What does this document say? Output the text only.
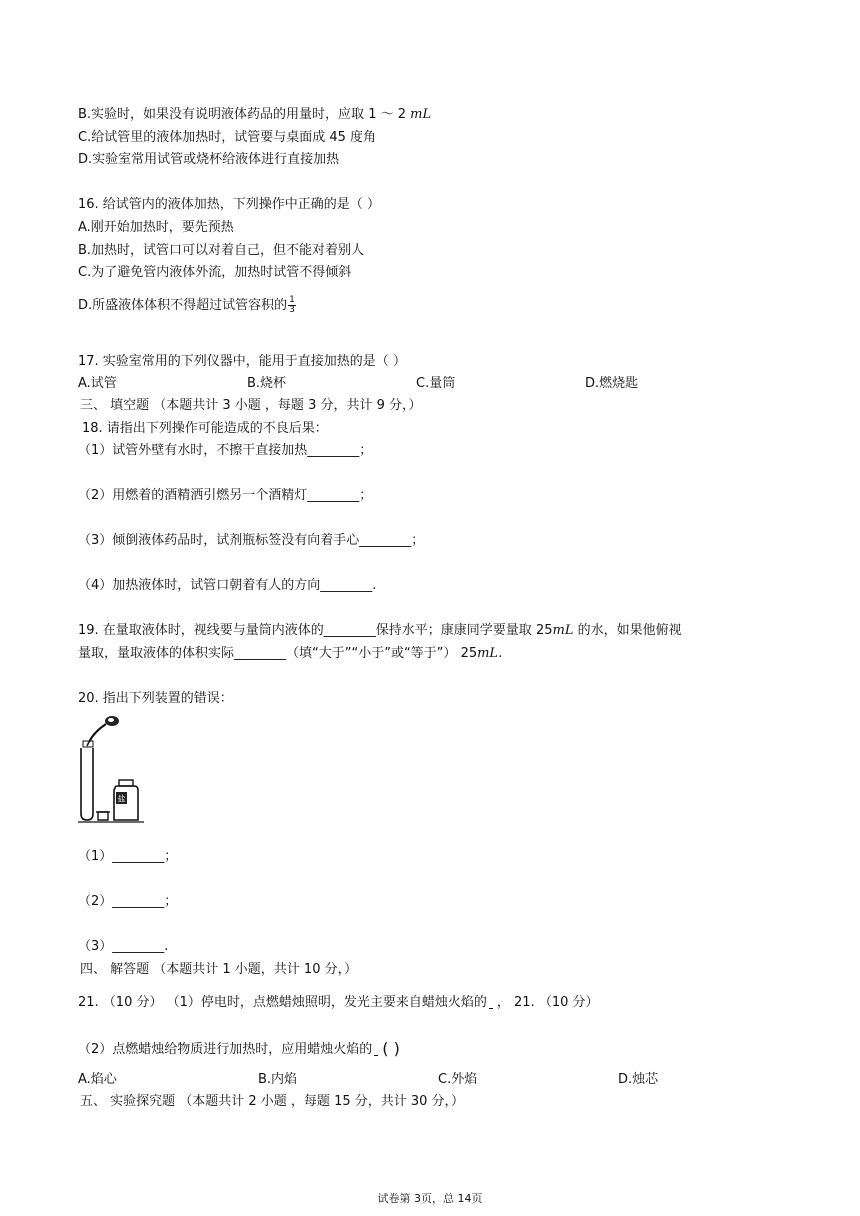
B.实验时，如果没有说明液体药品的用量时，应取 1 ～ 2 mL
C.给试管里的液体加热时，试管要与桌面成 45 度角
D.实验室常用试管或烧杯给液体进行直接加热
16. 给试管内的液体加热，下列操作中正确的是（ ）
A.刚开始加热时，要先预热
B.加热时，试管口可以对着自己，但不能对着别人
C.为了避免管内液体外流，加热时试管不得倾斜
D.所盛液体体积不得超过试管容积的 $\frac{1}{3}$
17. 实验室常用的下列仪器中，能用于直接加热的是（ ）
A.试管	B.烧杯	C.量筒	D.燃烧匙
三、 填空题 （本题共计 3 小题 ，每题 3 分，共计 9 分，）
18. 请指出下列操作可能造成的不良后果：
（1）试管外壁有水时，不擦干直接加热________；
（2）用燃着的酒精洒引燃另一个酒精灯________；
（3）倾倒液体药品时，试剂瓶标签没有向着手心________；
（4）加热液体时，试管口朝着有人的方向________.
19. 在量取液体时，视线要与量筒内液体的________保持水平；康康同学要量取 25mL 的水，如果他俯视
量取，量取液体的体积实际________（填“大于”“小于”或“等于”） 25mL.
20. 指出下列装置的错误：
盐
（1）________；
（2）________；
（3）________.
四、 解答题 （本题共计 1 小题，共计 10 分，）
21. （10 分） （1）停电时，点燃蜡烛照明，发光主要来自蜡烛火焰的 ， 21. （10 分）
（2）点燃蜡烛给物质进行加热时，应用蜡烛火焰的 ( )
A.焰心	B.内焰	C.外焰	D.烛芯
五、 实验探究题 （本题共计 2 小题 ，每题 15 分，共计 30 分，）
试卷第 3页，总 14页
